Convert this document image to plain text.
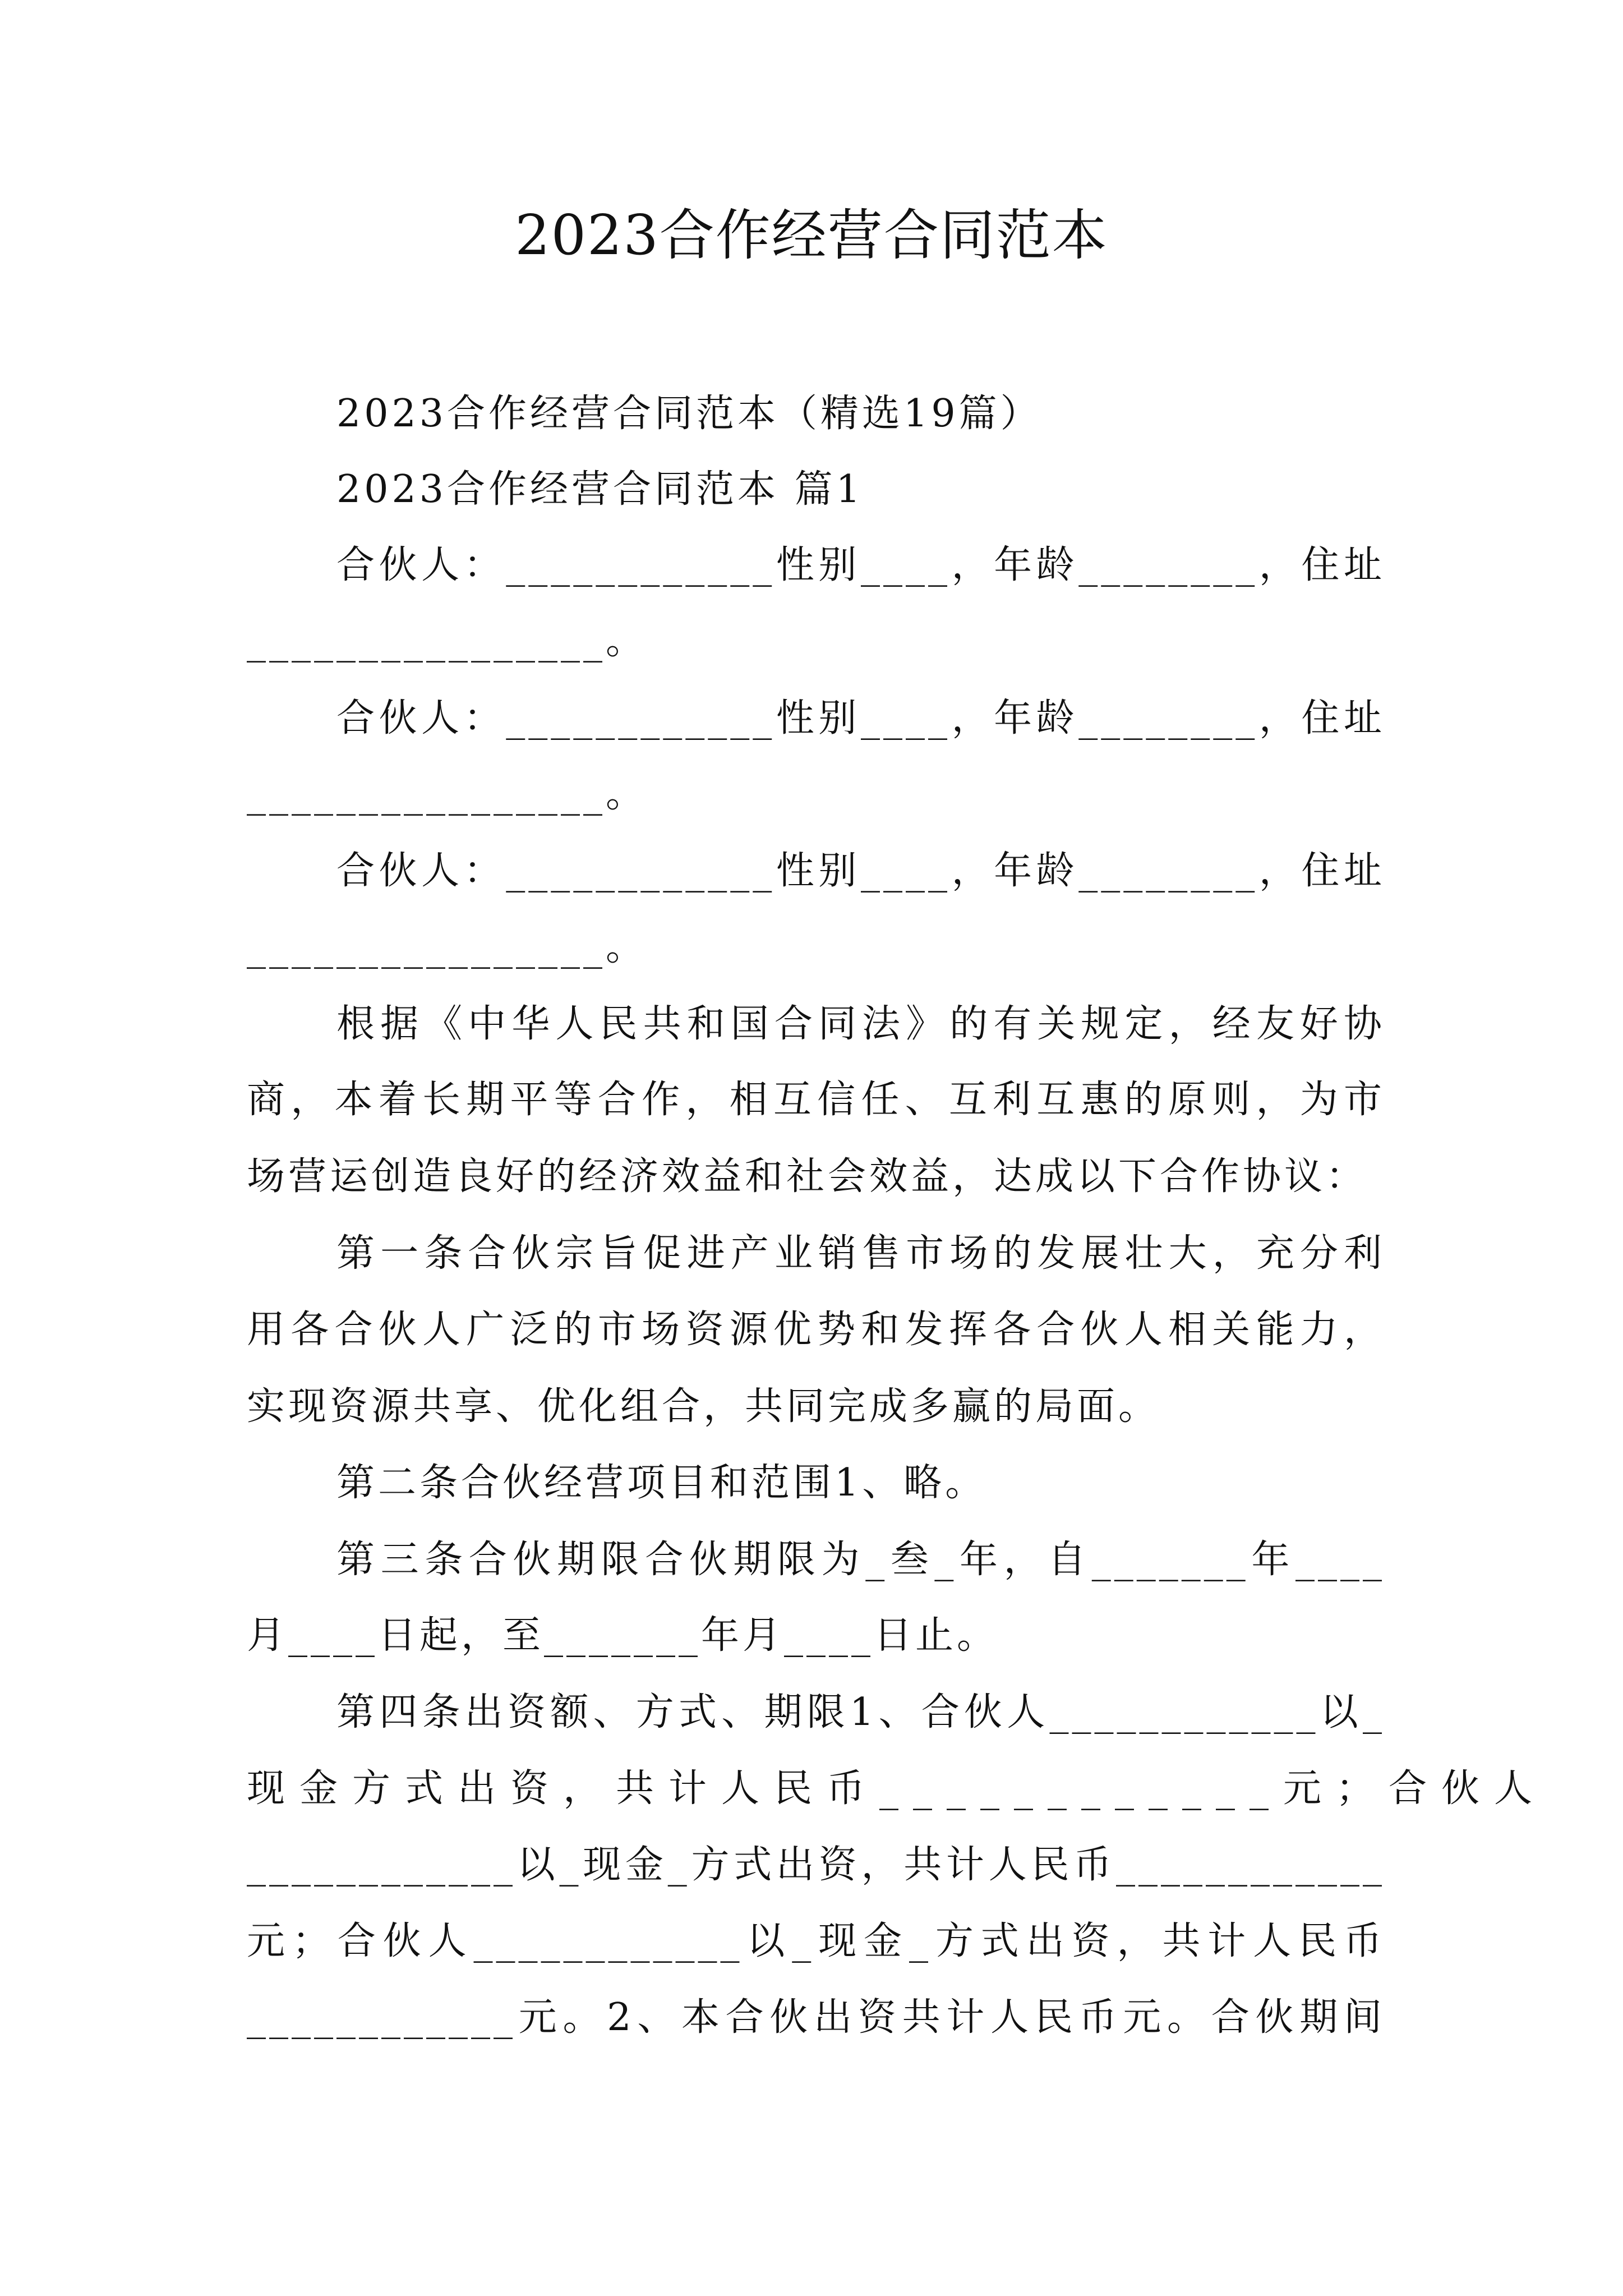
2023合作经营合同范本
2023合作经营合同范本（精选19篇）
2023合作经营合同范本 篇1
合伙人：____________性别____，年龄________，住址
________________。
合伙人：____________性别____，年龄________，住址
________________。
合伙人：____________性别____，年龄________，住址
________________。
根据《中华人民共和国合同法》的有关规定，经友好协
商，本着长期平等合作，相互信任、互利互惠的原则，为市
场营运创造良好的经济效益和社会效益，达成以下合作协议：
第一条合伙宗旨促进产业销售市场的发展壮大，充分利
用各合伙人广泛的市场资源优势和发挥各合伙人相关能力，
实现资源共享、优化组合，共同完成多赢的局面。
第二条合伙经营项目和范围1、略。
第三条合伙期限合伙期限为_叁_年，自_______年____
月____日起，至_______年月____日止。
第四条出资额、方式、期限1、合伙人____________以_
现金方式出资，共计人民币____________元；合伙人
____________以_现金_方式出资，共计人民币____________
元；合伙人____________以_现金_方式出资，共计人民币
____________元。2、本合伙出资共计人民币元。合伙期间
